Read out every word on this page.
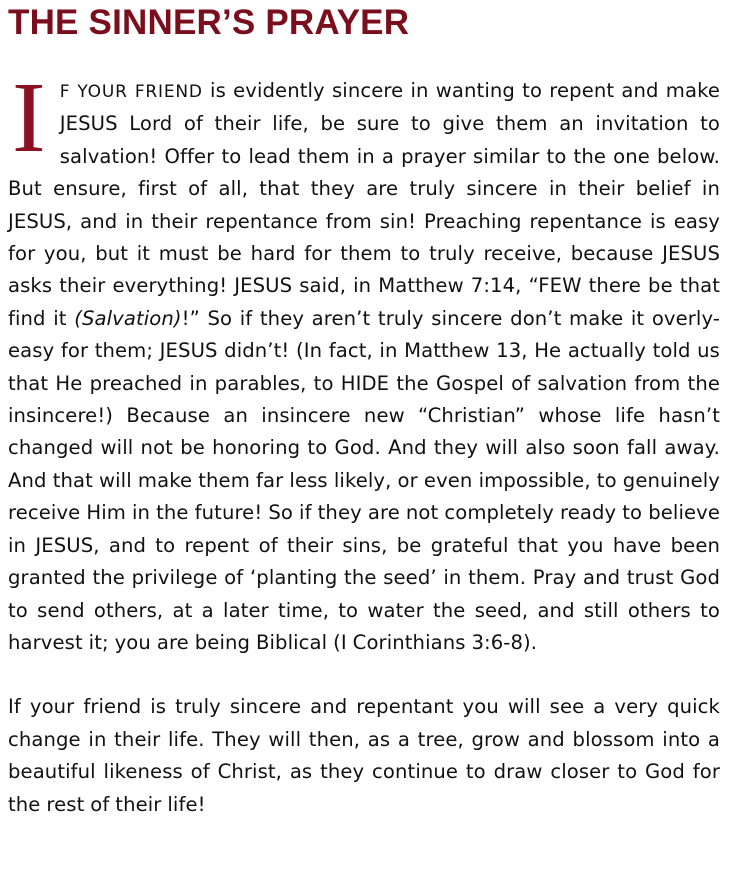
THE SINNER’S PRAYER

I F YOUR FRIEND is evidently sincere in wanting to repent and make JESUS Lord of their life, be sure to give them an invitation to salvation! Offer to lead them in a prayer similar to the one below. But ensure, first of all, that they are truly sincere in their belief in JESUS, and in their repentance from sin! Preaching repentance is easy for you, but it must be hard for them to truly receive, because JESUS asks their everything! JESUS said, in Matthew 7:14, “FEW there be that find it (Salvation)!” So if they aren’t truly sincere don’t make it overly-easy for them; JESUS didn’t! (In fact, in Matthew 13, He actually told us that He preached in parables, to HIDE the Gospel of salvation from the insincere!) Because an insincere new “Christian” whose life hasn’t changed will not be honoring to God. And they will also soon fall away. And that will make them far less likely, or even impossible, to genuinely receive Him in the future! So if they are not completely ready to believe in JESUS, and to repent of their sins, be grateful that you have been granted the privilege of ‘planting the seed’ in them. Pray and trust God to send others, at a later time, to water the seed, and still others to harvest it; you are being Biblical (I Corinthians 3:6-8).

If your friend is truly sincere and repentant you will see a very quick change in their life. They will then, as a tree, grow and blossom into a beautiful likeness of Christ, as they continue to draw closer to God for the rest of their life!
